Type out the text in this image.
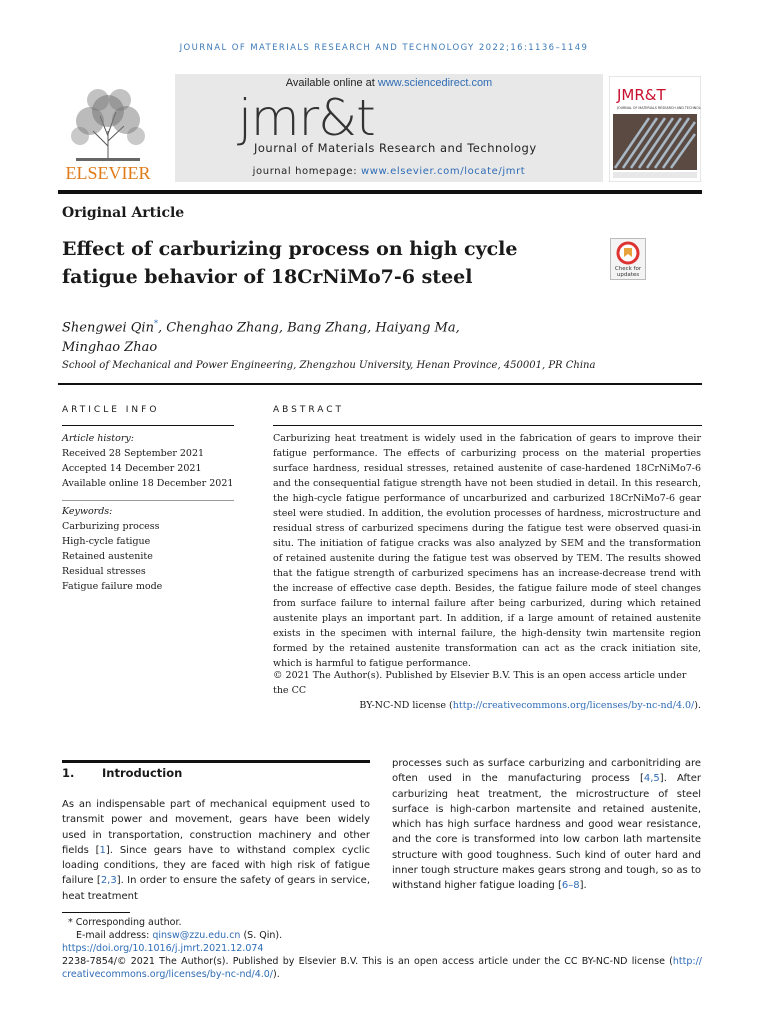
JOURNAL OF MATERIALS RESEARCH AND TECHNOLOGY 2022;16:1136–1149
ELSEVIER
Available online at www.sciencedirect.com
jmr&t
Journal of Materials Research and Technology
journal homepage: www.elsevier.com/locate/jmrt
JMR&T
JOURNAL OF MATERIALS RESEARCH AND TECHNOLOGY
Original Article
Effect of carburizing process on high cycle fatigue behavior of 18CrNiMo7-6 steel	Check for
updates
Shengwei Qin*, Chenghao Zhang, Bang Zhang, Haiyang Ma,
Minghao Zhao
School of Mechanical and Power Engineering, Zhengzhou University, Henan Province, 450001, PR China
ARTICLE INFO	ABSTRACT
Article history:
Received 28 September 2021
Accepted 14 December 2021
Available online 18 December 2021
Keywords:
Carburizing process
High-cycle fatigue
Retained austenite
Residual stresses
Fatigue failure mode
Carburizing heat treatment is widely used in the fabrication of gears to improve their fatigue performance. The effects of carburizing process on the material properties surface hardness, residual stresses, retained austenite of case-hardened 18CrNiMo7-6 and the consequential fatigue strength have not been studied in detail. In this research, the high-cycle fatigue performance of uncarburized and carburized 18CrNiMo7-6 gear steel were studied. In addition, the evolution processes of hardness, microstructure and residual stress of carburized specimens during the fatigue test were observed quasi-in situ. The initiation of fatigue cracks was also analyzed by SEM and the transformation of retained austenite during the fatigue test was observed by TEM. The results showed that the fatigue strength of carburized specimens has an increase-decrease trend with the increase of effective case depth. Besides, the fatigue failure mode of steel changes from surface failure to internal failure after being carburized, during which retained austenite plays an important part. In addition, if a large amount of retained austenite exists in the specimen with internal failure, the high-density twin martensite region formed by the retained austenite transformation can act as the crack initiation site, which is harmful to fatigue performance.
© 2021 The Author(s). Published by Elsevier B.V. This is an open access article under the CC
BY-NC-ND license (http://creativecommons.org/licenses/by-nc-nd/4.0/).
1. Introduction
As an indispensable part of mechanical equipment used to transmit power and movement, gears have been widely used in transportation, construction machinery and other fields [1]. Since gears have to withstand complex cyclic loading conditions, they are faced with high risk of fatigue failure [2,3]. In order to ensure the safety of gears in service, heat treatment
processes such as surface carburizing and carbonitriding are often used in the manufacturing process [4,5]. After carburizing heat treatment, the microstructure of steel surface is high-carbon martensite and retained austenite, which has high surface hardness and good wear resistance, and the core is transformed into low carbon lath martensite structure with good toughness. Such kind of outer hard and inner tough structure makes gears strong and tough, so as to withstand higher fatigue loading [6–8].
* Corresponding author.
E-mail address: qinsw@zzu.edu.cn (S. Qin).
https://doi.org/10.1016/j.jmrt.2021.12.074
2238-7854/© 2021 The Author(s). Published by Elsevier B.V. This is an open access article under the CC BY-NC-ND license (http://
creativecommons.org/licenses/by-nc-nd/4.0/).
